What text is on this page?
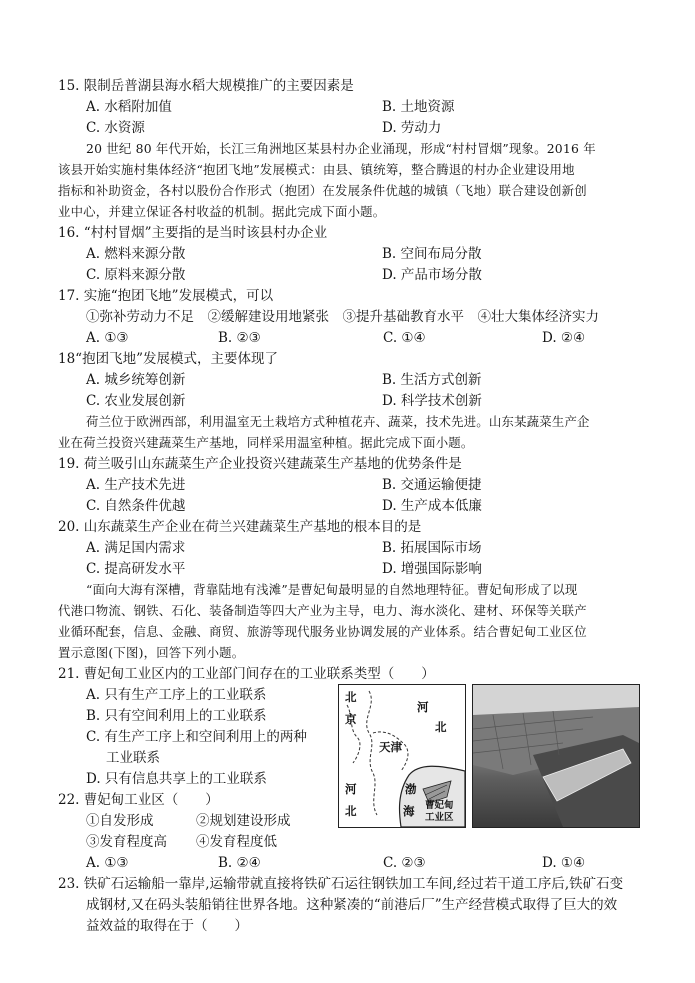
15. 限制岳普湖县海水稻大规模推广的主要因素是
A. 水稻附加值	B. 土地资源
C. 水资源	D. 劳动力
20 世纪 80 年代开始，长江三角洲地区某县村办企业涌现，形成“村村冒烟”现象。2016 年
该县开始实施村集体经济“抱团飞地”发展模式：由县、镇统筹，整合腾退的村办企业建设用地
指标和补助资金，各村以股份合作形式（抱团）在发展条件优越的城镇（飞地）联合建设创新创
业中心，并建立保证各村收益的机制。据此完成下面小题。
16. “村村冒烟”主要指的是当时该县村办企业
A. 燃料来源分散	B. 空间布局分散
C. 原料来源分散	D. 产品市场分散
17. 实施“抱团飞地”发展模式，可以
①弥补劳动力不足　②缓解建设用地紧张　③提升基础教育水平　④壮大集体经济实力
A. ①③	B. ②③	C. ①④	D. ②④
18“抱团飞地”发展模式，主要体现了
A. 城乡统筹创新	B. 生活方式创新
C. 农业发展创新	D. 科学技术创新
荷兰位于欧洲西部，利用温室无土栽培方式种植花卉、蔬菜，技术先进。山东某蔬菜生产企
业在荷兰投资兴建蔬菜生产基地，同样采用温室种植。据此完成下面小题。
19. 荷兰吸引山东蔬菜生产企业投资兴建蔬菜生产基地的优势条件是
A. 生产技术先进	B. 交通运输便捷
C. 自然条件优越	D. 生产成本低廉
20. 山东蔬菜生产企业在荷兰兴建蔬菜生产基地的根本目的是
A. 满足国内需求	B. 拓展国际市场
C. 提高研发水平	D. 增强国际影响
“面向大海有深槽，背靠陆地有浅滩”是曹妃甸最明显的自然地理特征。曹妃甸形成了以现
代港口物流、钢铁、石化、装备制造等四大产业为主导，电力、海水淡化、建材、环保等关联产
业循环配套，信息、金融、商贸、旅游等现代服务业协调发展的产业体系。结合曹妃甸工业区位
置示意图(下图)，回答下列小题。
21. 曹妃甸工业区内的工业部门间存在的工业联系类型（　　）
A. 只有生产工序上的工业联系
B. 只有空间利用上的工业联系
C. 有生产工序上和空间利用上的两种
工业联系
D. 只有信息共享上的工业联系
22. 曹妃甸工业区（　　）
①自发形成	②规划建设形成
③发育程度高 ④发育程度低
A. ①③	B. ②④	C. ②③	D. ①④
23. 铁矿石运输船一靠岸,运输带就直接将铁矿石运往钢铁加工车间,经过若干道工序后,铁矿石变
成钢材,又在码头装船销往世界各地。这种紧凑的“前港后厂”生产经营模式取得了巨大的效
益效益的取得在于（　　）
北
京
天津
河
北
河
北
渤
海 曹妃甸
工业区
